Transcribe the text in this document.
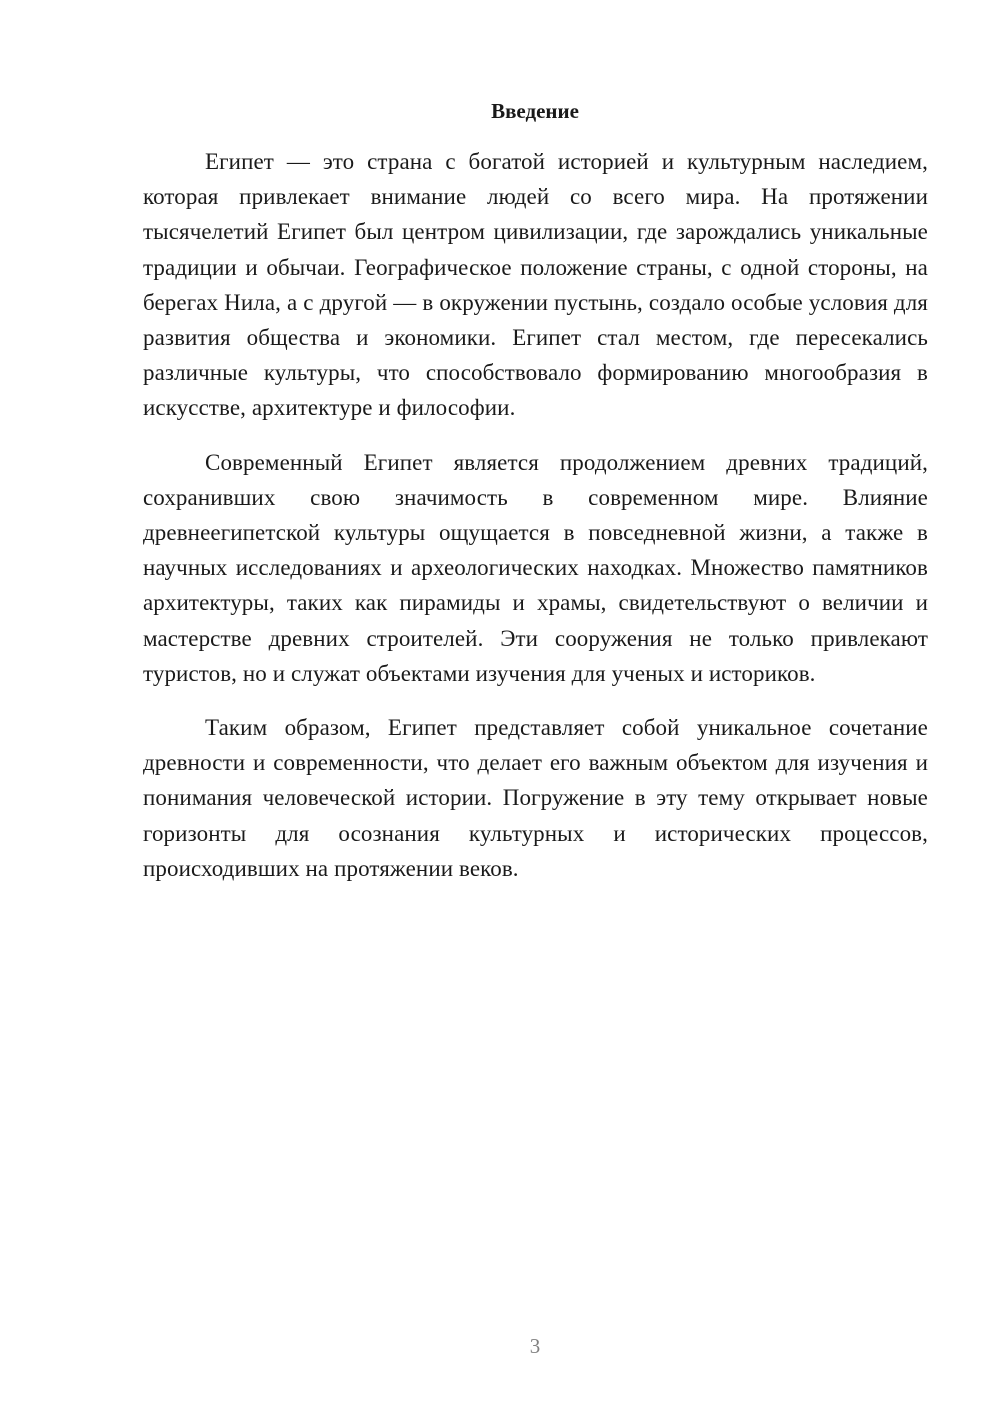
Введение

Египет — это страна с богатой историей и культурным наследием, которая привлекает внимание людей со всего мира. На протяжении тысячелетий Египет был центром цивилизации, где зарождались уникальные традиции и обычаи. Географическое положение страны, с одной стороны, на берегах Нила, а с другой — в окружении пустынь, создало особые условия для развития общества и экономики. Египет стал местом, где пересекались различные культуры, что способствовало формированию многообразия в искусстве, архитектуре и философии.

Современный Египет является продолжением древних традиций, сохранивших свою значимость в современном мире. Влияние древнеегипетской культуры ощущается в повседневной жизни, а также в научных исследованиях и археологических находках. Множество памятников архитектуры, таких как пирамиды и храмы, свидетельствуют о величии и мастерстве древних строителей. Эти сооружения не только привлекают туристов, но и служат объектами изучения для ученых и историков.

Таким образом, Египет представляет собой уникальное сочетание древности и современности, что делает его важным объектом для изучения и понимания человеческой истории. Погружение в эту тему открывает новые горизонты для осознания культурных и исторических процессов, происходивших на протяжении веков.

3
